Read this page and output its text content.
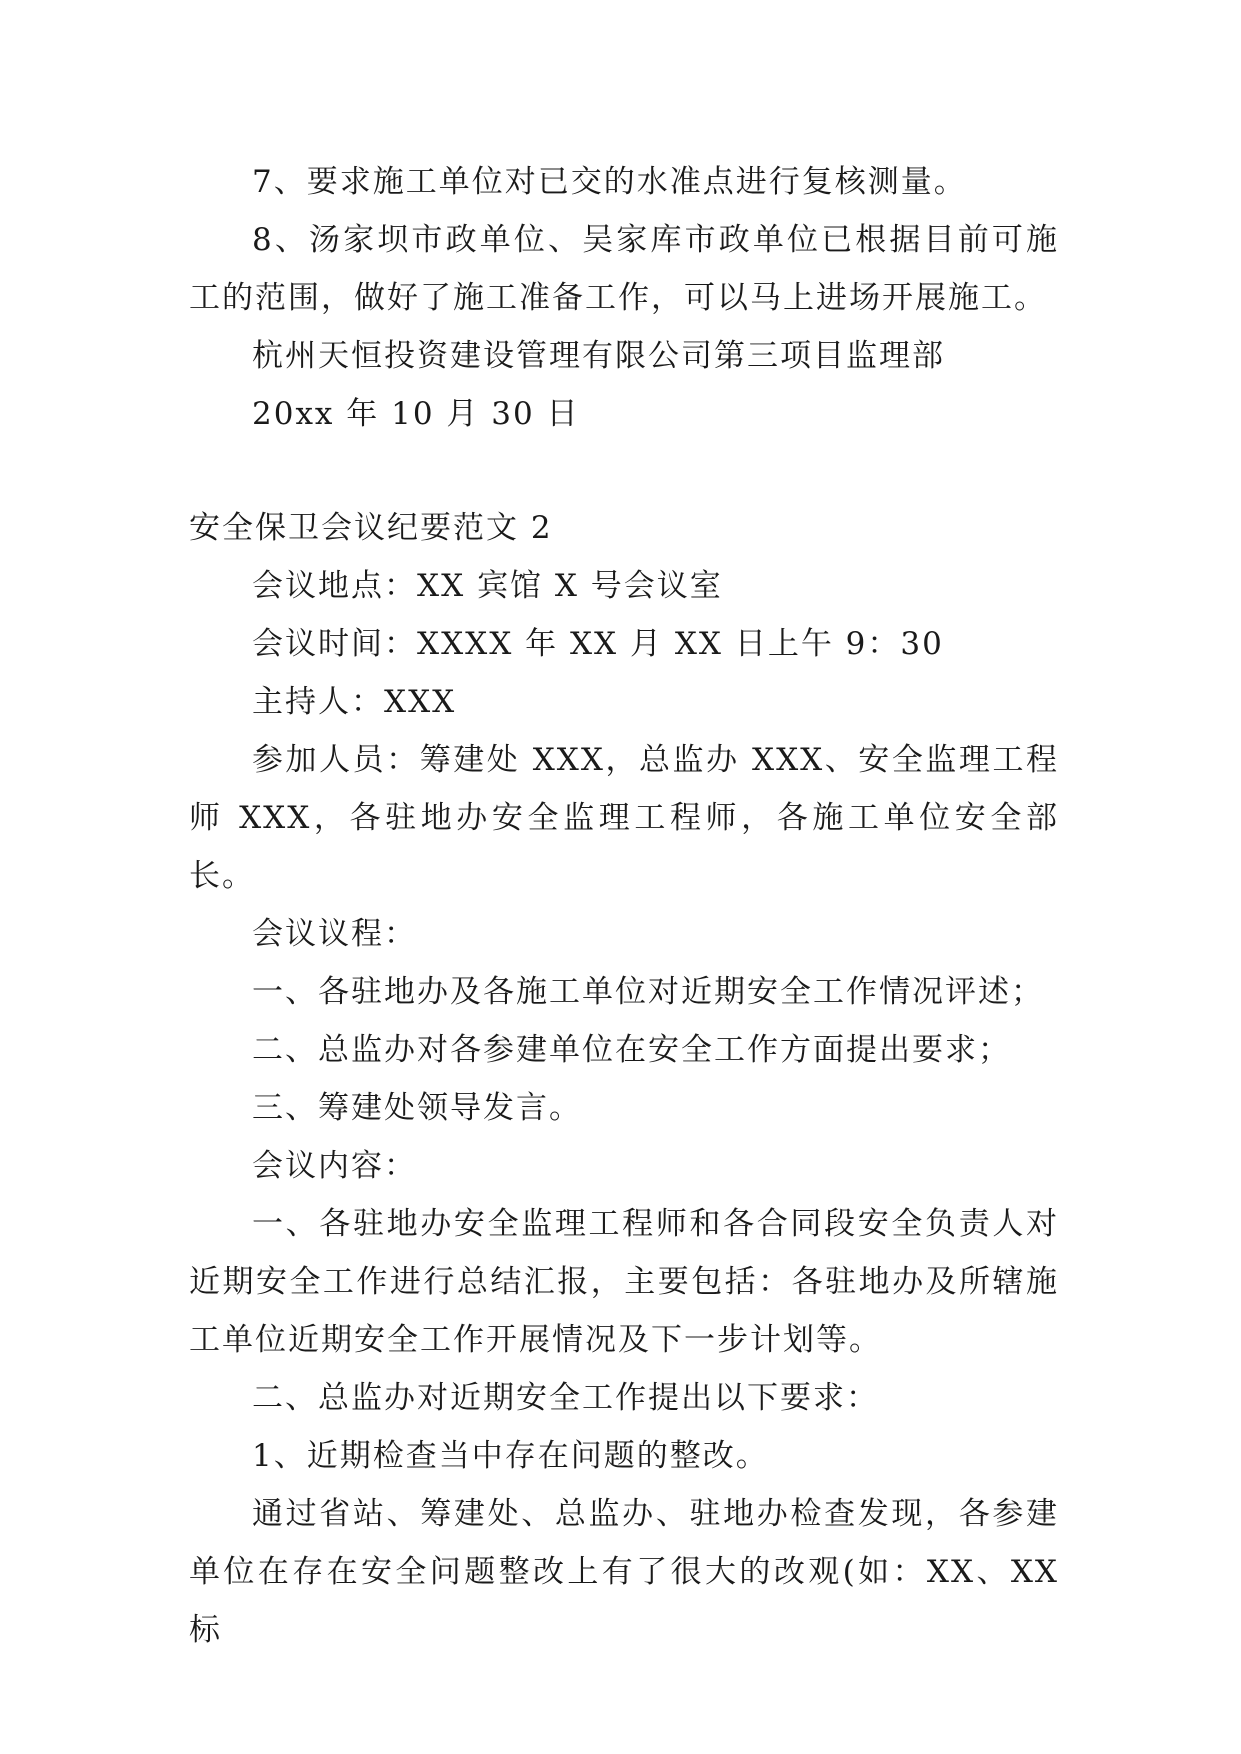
7、要求施工单位对已交的水准点进行复核测量。

8、汤家坝市政单位、吴家库市政单位已根据目前可施工的范围，做好了施工准备工作，可以马上进场开展施工。

杭州天恒投资建设管理有限公司第三项目监理部

20xx 年 10 月 30 日

安全保卫会议纪要范文 2

会议地点：XX 宾馆 X 号会议室

会议时间：XXXX 年 XX 月 XX 日上午 9：30

主持人：XXX

参加人员：筹建处 XXX，总监办 XXX、安全监理工程师 XXX，各驻地办安全监理工程师，各施工单位安全部长。

会议议程：

一、各驻地办及各施工单位对近期安全工作情况评述；

二、总监办对各参建单位在安全工作方面提出要求；

三、筹建处领导发言。

会议内容：

一、各驻地办安全监理工程师和各合同段安全负责人对近期安全工作进行总结汇报，主要包括：各驻地办及所辖施工单位近期安全工作开展情况及下一步计划等。

二、总监办对近期安全工作提出以下要求：

1、近期检查当中存在问题的整改。

通过省站、筹建处、总监办、驻地办检查发现，各参建单位在存在安全问题整改上有了很大的改观(如：XX、XX 标
